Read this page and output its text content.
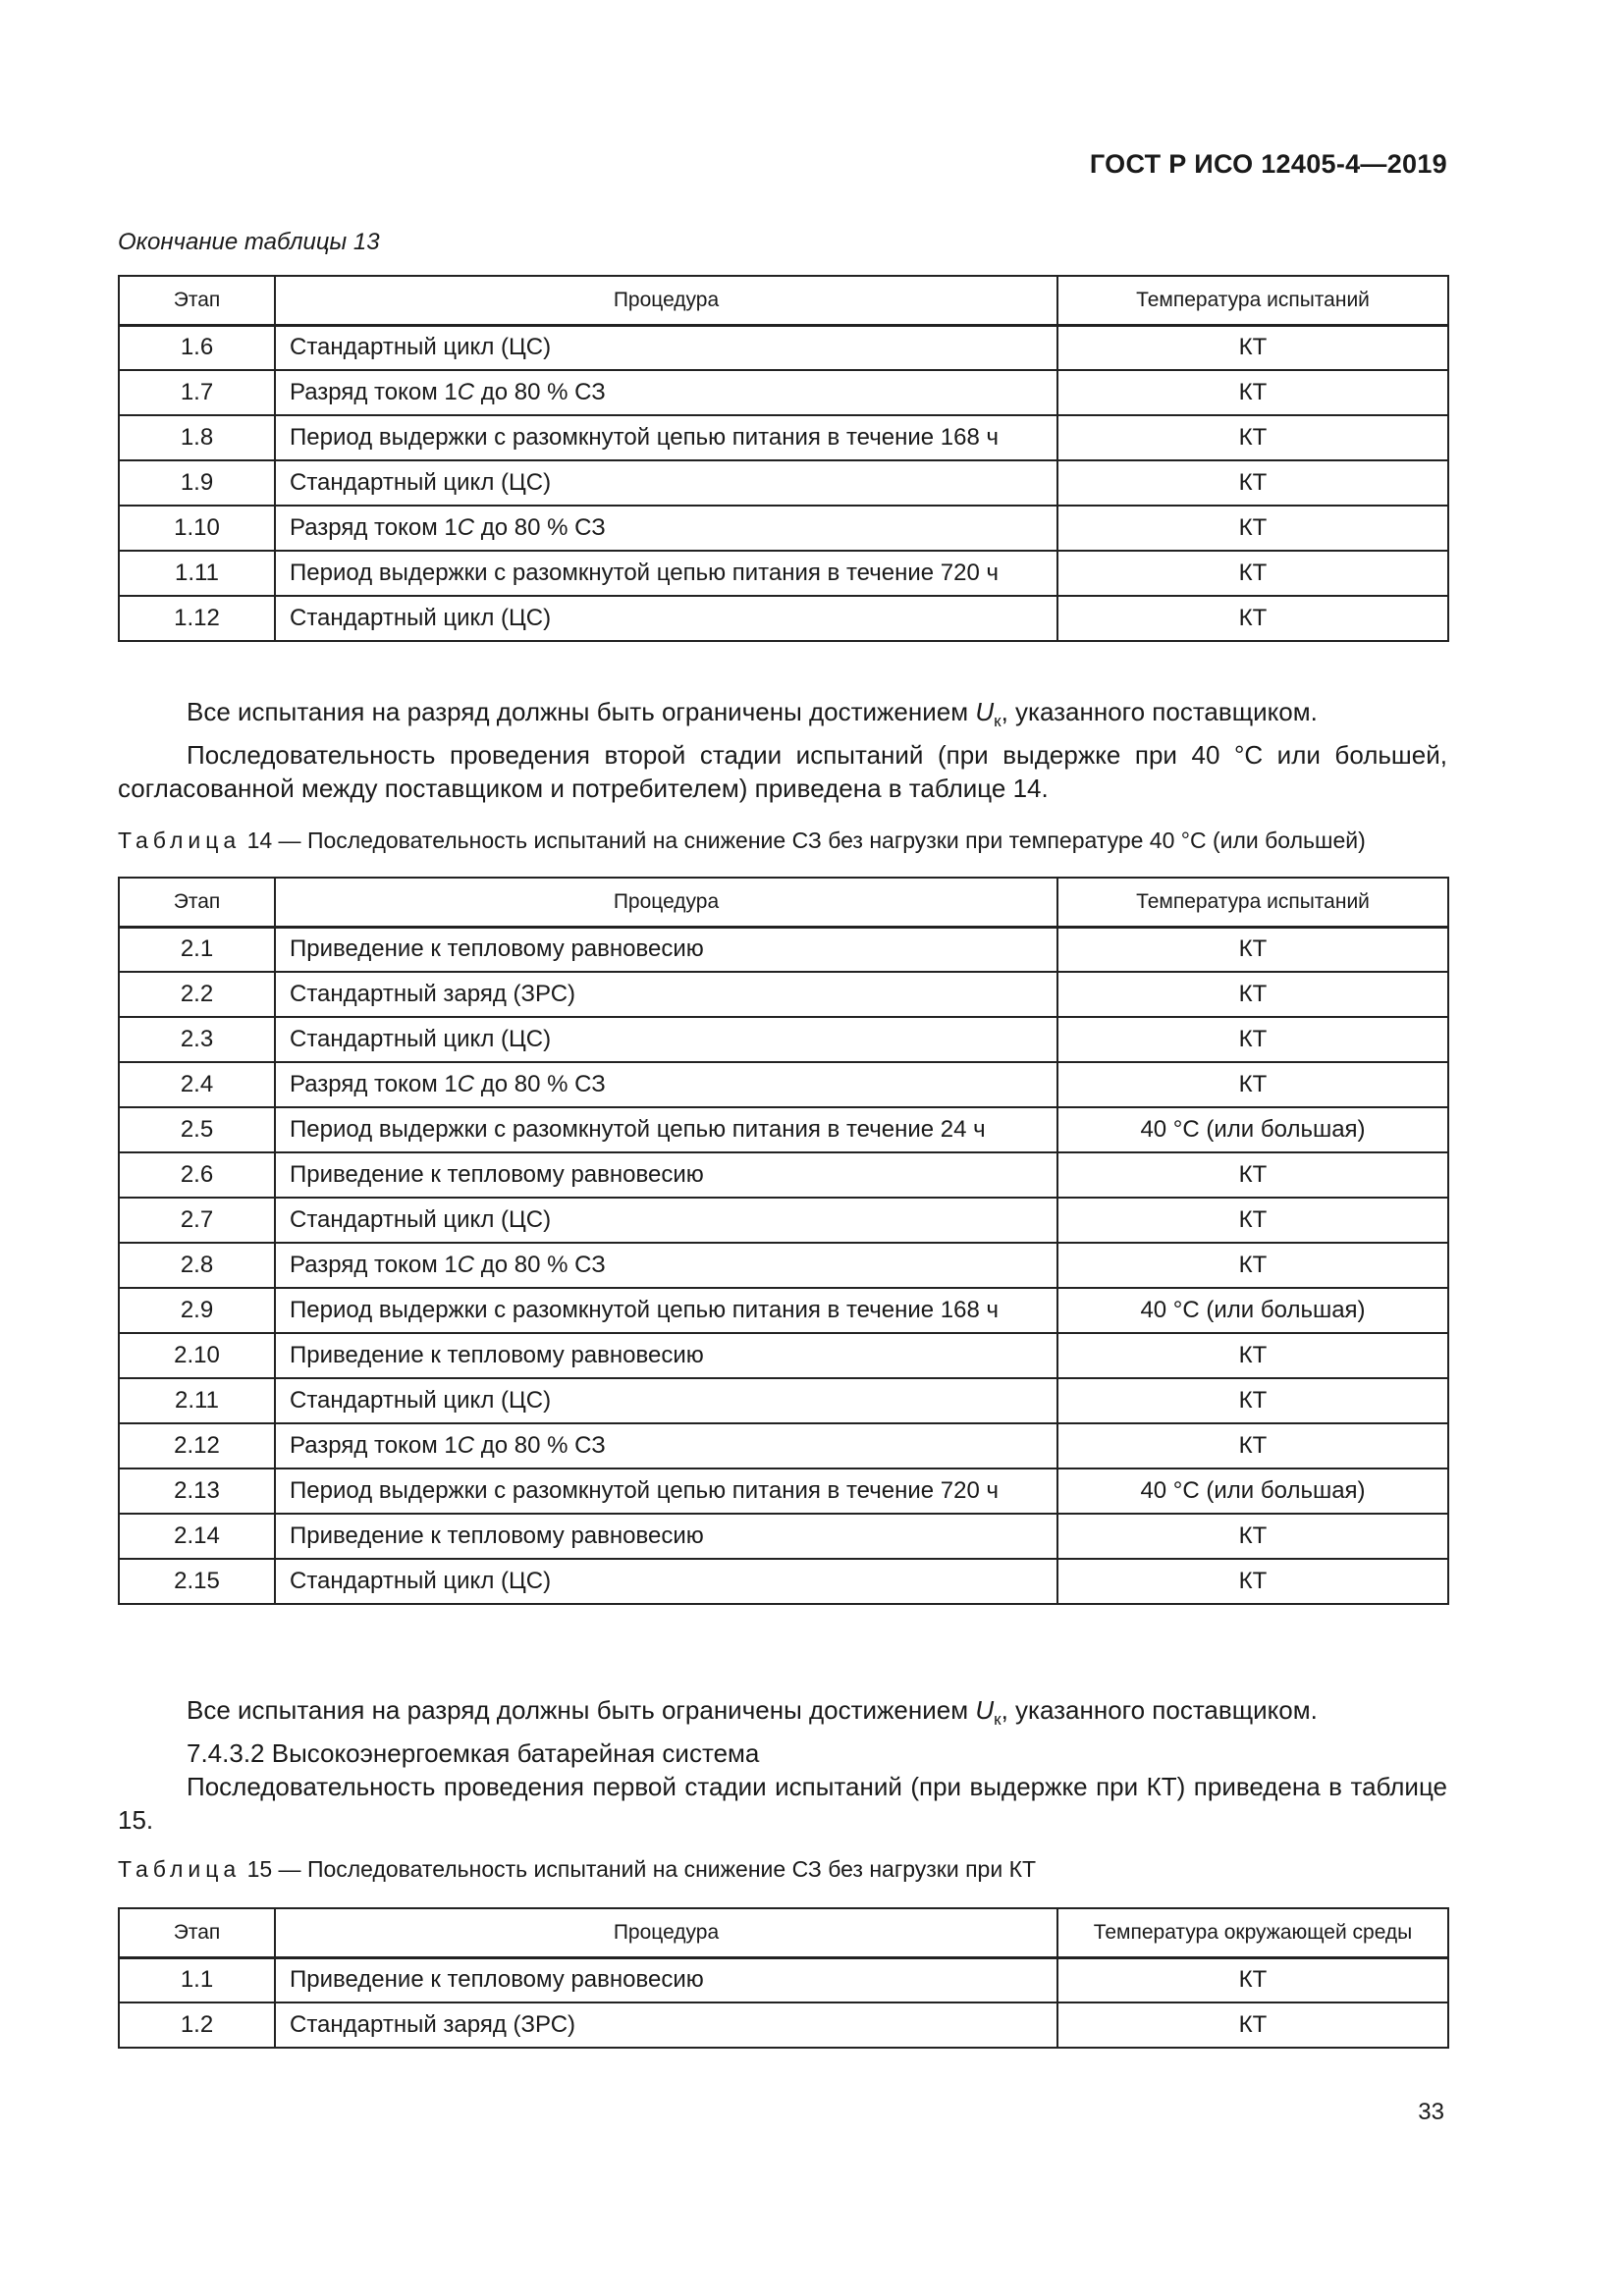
ГОСТ Р ИСО 12405-4—2019
Окончание таблицы 13
Этап	Процедура	Температура испытаний
1.6	Стандартный цикл (ЦС)	КТ
1.7	Разряд током 1C до 80 % СЗ	КТ
1.8	Период выдержки с разомкнутой цепью питания в течение 168 ч	КТ
1.9	Стандартный цикл (ЦС)	КТ
1.10	Разряд током 1C до 80 % СЗ	КТ
1.11	Период выдержки с разомкнутой цепью питания в течение 720 ч	КТ
1.12	Стандартный цикл (ЦС)	КТ

Все испытания на разряд должны быть ограничены достижением $U_к$, указанного поставщиком.

Последовательность проведения второй стадии испытаний (при выдержке при 40 °С или большей, согласованной между поставщиком и потребителем) приведена в таблице 14.

Таблица 14 — Последовательность испытаний на снижение СЗ без нагрузки при температуре 40 °С (или большей)
Этап	Процедура	Температура испытаний
2.1	Приведение к тепловому равновесию	КТ
2.2	Стандартный заряд (ЗРС)	КТ
2.3	Стандартный цикл (ЦС)	КТ
2.4	Разряд током 1C до 80 % СЗ	КТ
2.5	Период выдержки с разомкнутой цепью питания в течение 24 ч	40 °С (или большая)
2.6	Приведение к тепловому равновесию	КТ
2.7	Стандартный цикл (ЦС)	КТ
2.8	Разряд током 1C до 80 % СЗ	КТ
2.9	Период выдержки с разомкнутой цепью питания в течение 168 ч	40 °С (или большая)
2.10	Приведение к тепловому равновесию	КТ
2.11	Стандартный цикл (ЦС)	КТ
2.12	Разряд током 1C до 80 % СЗ	КТ
2.13	Период выдержки с разомкнутой цепью питания в течение 720 ч	40 °С (или большая)
2.14	Приведение к тепловому равновесию	КТ
2.15	Стандартный цикл (ЦС)	КТ

Все испытания на разряд должны быть ограничены достижением $U_к$, указанного поставщиком.

7.4.3.2 Высокоэнергоемкая батарейная система

Последовательность проведения первой стадии испытаний (при выдержке при КТ) приведена в таблице 15.

Таблица 15 — Последовательность испытаний на снижение СЗ без нагрузки при КТ
Этап	Процедура	Температура окружающей среды
1.1	Приведение к тепловому равновесию	КТ
1.2	Стандартный заряд (ЗРС)	КТ
33
